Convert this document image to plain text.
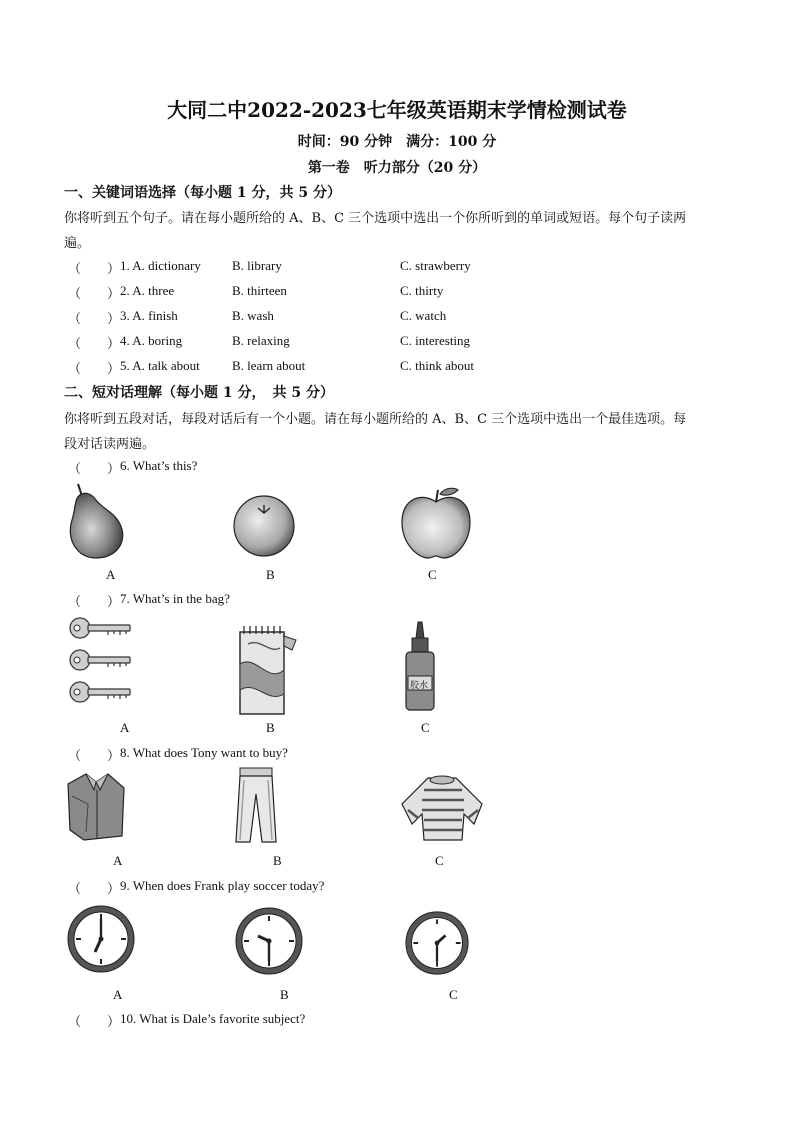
大同二中2022-2023七年级英语期末学情检测试卷
时间：90 分钟　满分：100 分
第一卷　听力部分（20 分）
一、关键词语选择（每小题 1 分，共 5 分）
你将听到五个句子。请在每小题所给的 A、B、C 三个选项中选出一个你所听到的单词或短语。每个句子读两
遍。
（　　） 1. A. dictionary B. library	C. strawberry
（　　） 2. A. three	B. thirteen	C. thirty
（　　） 3. A. finish	B. wash	C. watch
（　　） 4. A. boring	B. relaxing	C. interesting
（　　） 5. A. talk about B. learn about	C. think about
二、短对话理解（每小题 1 分，　共 5 分）
你将听到五段对话，每段对话后有一个小题。请在每小题所给的 A、B、C 三个选项中选出一个最佳选项。每
段对话读两遍。
（　　） 6. What’s this?
A	B	C
（　　） 7. What’s in the bag?
胶水
A	B	C
（　　） 8. What does Tony want to buy?
A	B	C
（　　） 9. When does Frank play soccer today?
A	B	C
（　　） 10. What is Dale’s favorite subject?
